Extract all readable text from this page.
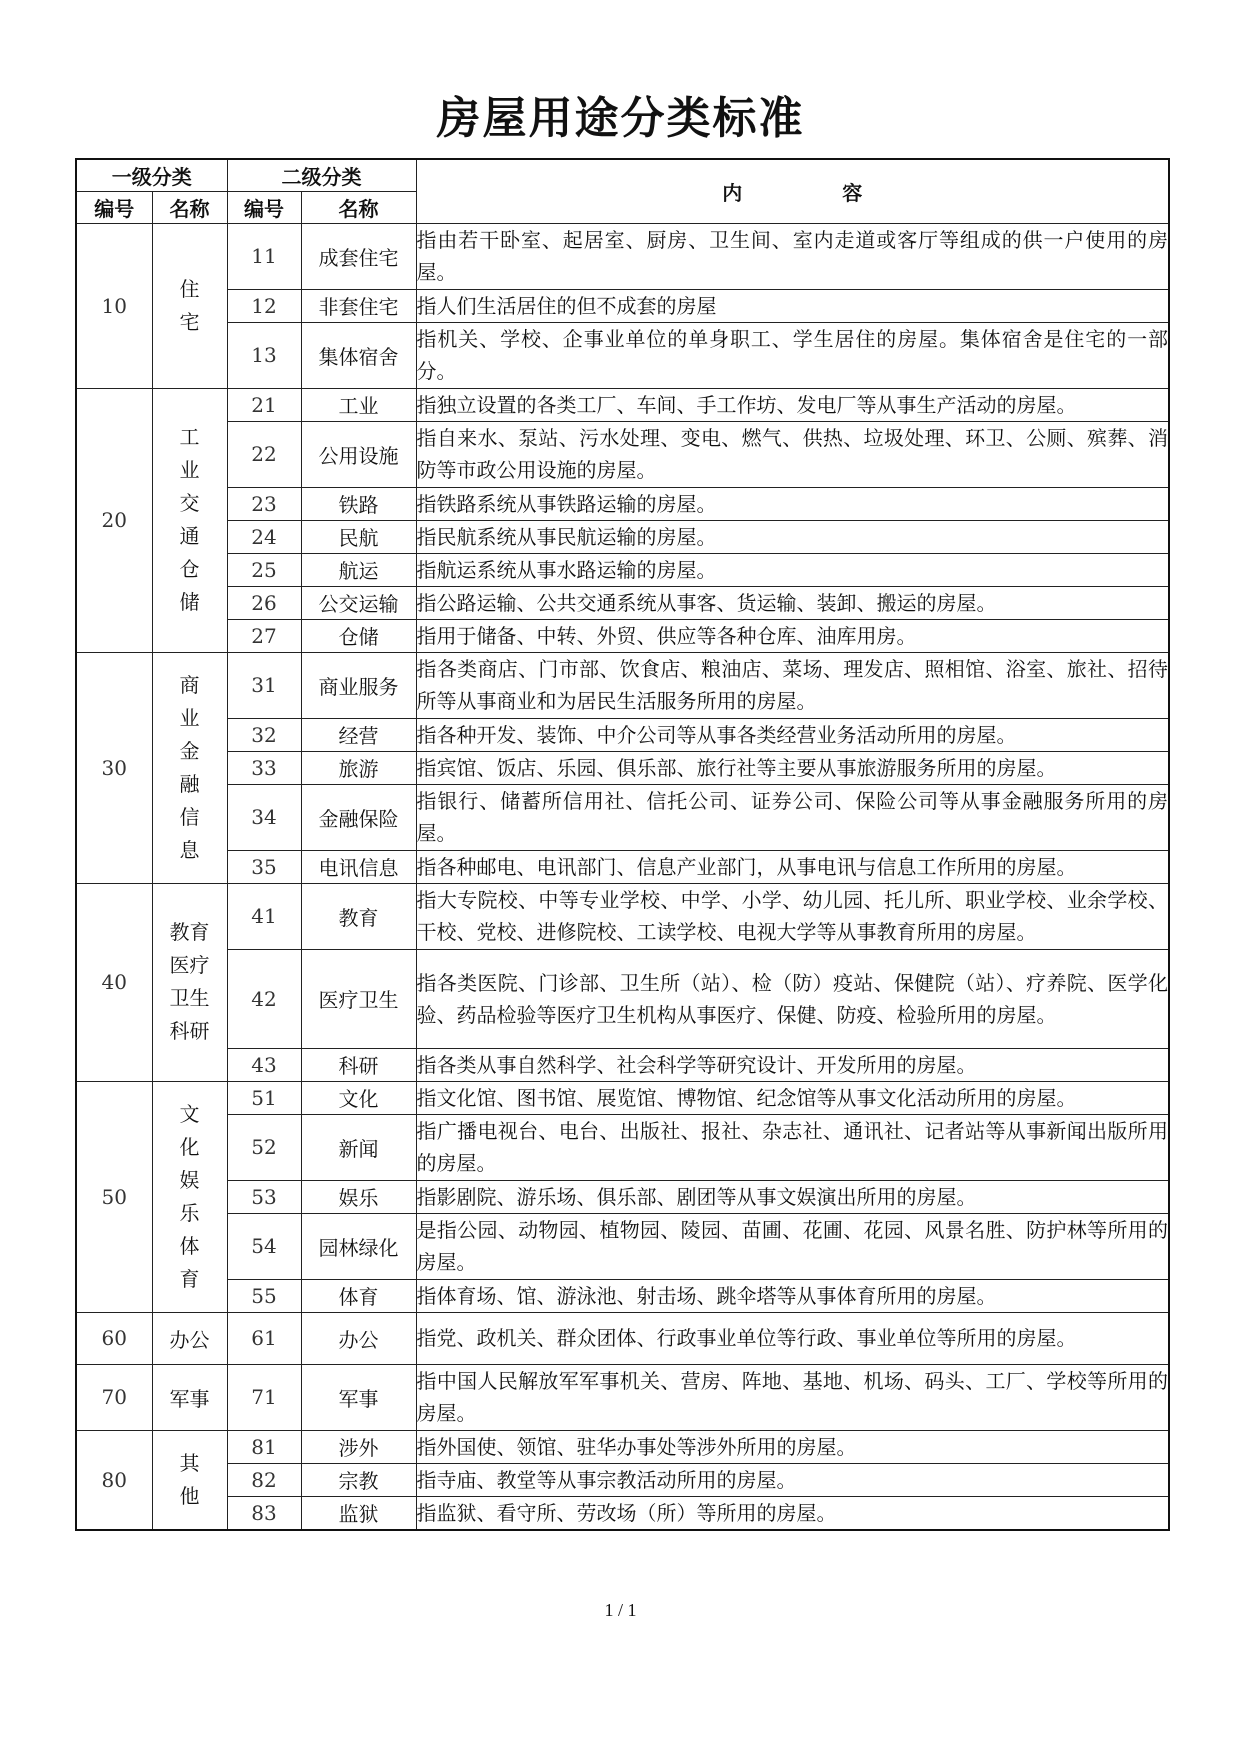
房屋用途分类标准
一级分类		二级分类		内　　　　　容
编号	名称	编号	名称	
10	住宅	11	成套住宅	指由若干卧室、起居室、厨房、卫生间、室内走道或客厅等组成的供一户使用的房屋。
		12	非套住宅	指人们生活居住的但不成套的房屋
		13	集体宿舍	指机关、学校、企事业单位的单身职工、学生居住的房屋。集体宿舍是住宅的一部分。
20	工业交通仓储	21	工业	指独立设置的各类工厂、车间、手工作坊、发电厂等从事生产活动的房屋。
		22	公用设施	指自来水、泵站、污水处理、变电、燃气、供热、垃圾处理、环卫、公厕、殡葬、消防等市政公用设施的房屋。
		23	铁路	指铁路系统从事铁路运输的房屋。
		24	民航	指民航系统从事民航运输的房屋。
		25	航运	指航运系统从事水路运输的房屋。
		26	公交运输	指公路运输、公共交通系统从事客、货运输、装卸、搬运的房屋。
		27	仓储	指用于储备、中转、外贸、供应等各种仓库、油库用房。
30	商业金融信息	31	商业服务	指各类商店、门市部、饮食店、粮油店、菜场、理发店、照相馆、浴室、旅社、招待所等从事商业和为居民生活服务所用的房屋。
		32	经营	指各种开发、装饰、中介公司等从事各类经营业务活动所用的房屋。
		33	旅游	指宾馆、饭店、乐园、俱乐部、旅行社等主要从事旅游服务所用的房屋。
		34	金融保险	指银行、储蓄所信用社、信托公司、证券公司、保险公司等从事金融服务所用的房屋。
		35	电讯信息	指各种邮电、电讯部门、信息产业部门，从事电讯与信息工作所用的房屋。
40	教育医疗卫生科研	41	教育	指大专院校、中等专业学校、中学、小学、幼儿园、托儿所、职业学校、业余学校、干校、党校、进修院校、工读学校、电视大学等从事教育所用的房屋。
		42	医疗卫生	指各类医院、门诊部、卫生所（站）、检（防）疫站、保健院（站）、疗养院、医学化验、药品检验等医疗卫生机构从事医疗、保健、防疫、检验所用的房屋。
		43	科研	指各类从事自然科学、社会科学等研究设计、开发所用的房屋。
50	文化娱乐体育	51	文化	指文化馆、图书馆、展览馆、博物馆、纪念馆等从事文化活动所用的房屋。
		52	新闻	指广播电视台、电台、出版社、报社、杂志社、通讯社、记者站等从事新闻出版所用的房屋。
		53	娱乐	指影剧院、游乐场、俱乐部、剧团等从事文娱演出所用的房屋。
		54	园林绿化	是指公园、动物园、植物园、陵园、苗圃、花圃、花园、风景名胜、防护林等所用的房屋。
		55	体育	指体育场、馆、游泳池、射击场、跳伞塔等从事体育所用的房屋。
60	办公	61	办公	指党、政机关、群众团体、行政事业单位等行政、事业单位等所用的房屋。
70	军事	71	军事	指中国人民解放军军事机关、营房、阵地、基地、机场、码头、工厂、学校等所用的房屋。
80	其他	81	涉外	指外国使、领馆、驻华办事处等涉外所用的房屋。
		82	宗教	指寺庙、教堂等从事宗教活动所用的房屋。
		83	监狱	指监狱、看守所、劳改场（所）等所用的房屋。
1 / 1
